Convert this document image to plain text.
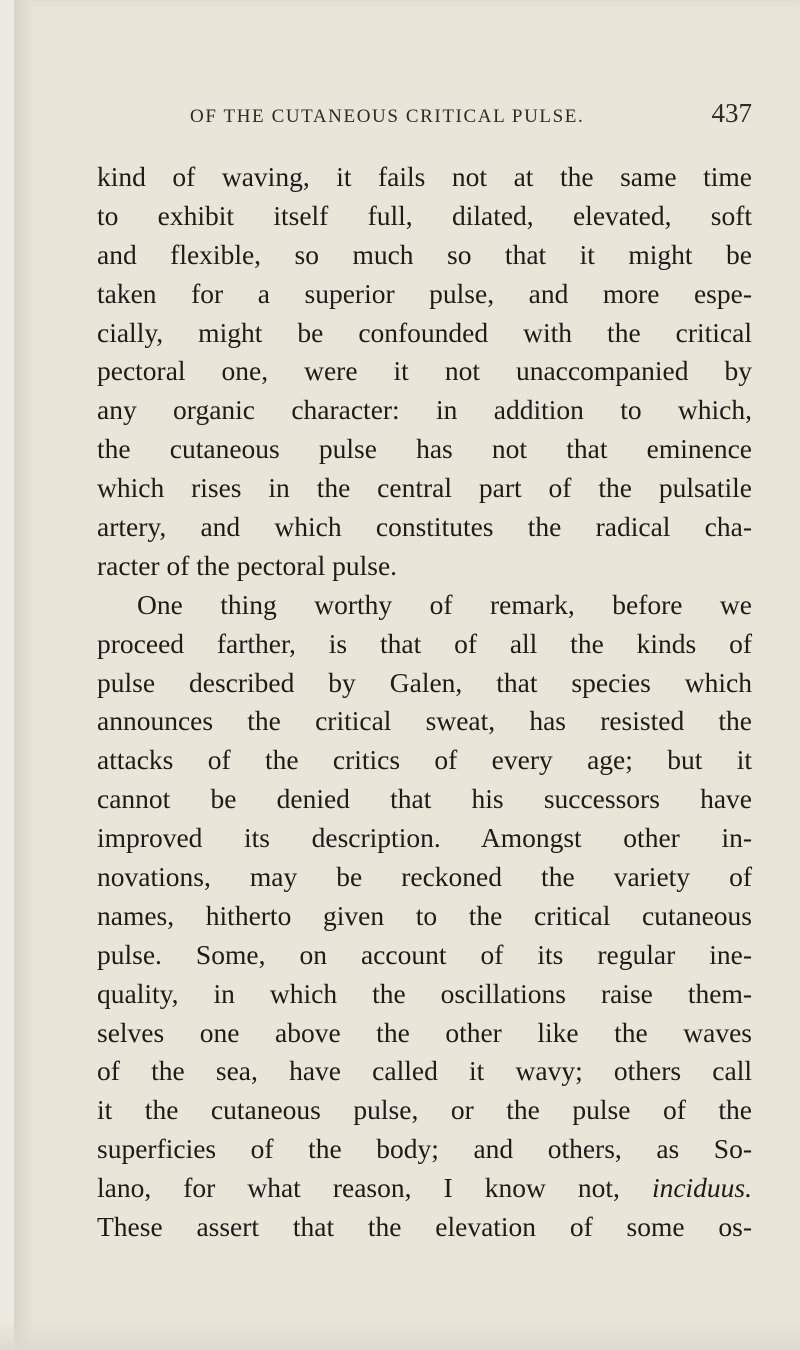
OF THE CUTANEOUS CRITICAL PULSE.	437
kind of waving, it fails not at the same time
to exhibit itself full, dilated, elevated, soft
and flexible, so much so that it might be
taken for a superior pulse, and more espe-
cially, might be confounded with the critical
pectoral one, were it not unaccompanied by
any organic character: in addition to which,
the cutaneous pulse has not that eminence
which rises in the central part of the pulsatile
artery, and which constitutes the radical cha-
racter of the pectoral pulse.
One thing worthy of remark, before we
proceed farther, is that of all the kinds of
pulse described by Galen, that species which
announces the critical sweat, has resisted the
attacks of the critics of every age; but it
cannot be denied that his successors have
improved its description. Amongst other in-
novations, may be reckoned the variety of
names, hitherto given to the critical cutaneous
pulse. Some, on account of its regular ine-
quality, in which the oscillations raise them-
selves one above the other like the waves
of the sea, have called it wavy; others call
it the cutaneous pulse, or the pulse of the
superficies of the body; and others, as So-
lano, for what reason, I know not, inciduus.
These assert that the elevation of some os-
